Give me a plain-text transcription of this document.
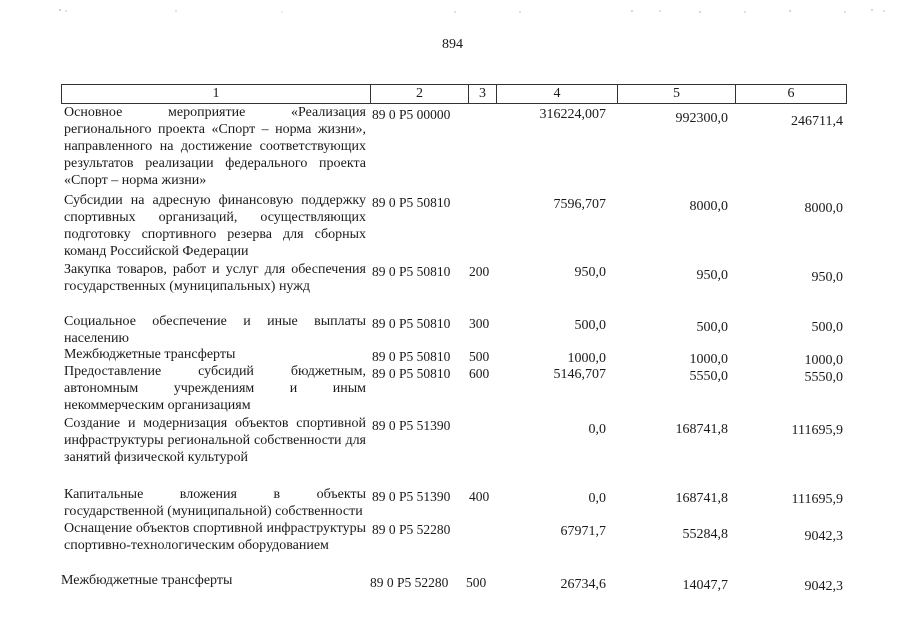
894
1	2	3	4	5	6
Основное мероприятие «Реализация регионального проекта «Спорт – норма жизни», направленного на достижение соответствующих результатов реализации федерального проекта «Спорт – норма жизни»
89 0 P5 00000	316224,007	992300,0	246711,4
Субсидии на адресную финансовую поддержку спортивных организаций, осуществляющих подготовку спортивного резерва для сборных команд Российской Федерации
89 0 P5 50810	7596,707	8000,0	8000,0
Закупка товаров, работ и услуг для обеспечения государственных (муниципальных) нужд
89 0 P5 50810 200	950,0	950,0	950,0
Социальное обеспечение и иные выплаты населению
89 0 P5 50810 300	500,0	500,0	500,0
Межбюджетные трансферты	89 0 P5 50810 500	1000,0	1000,0	1000,0
Предоставление субсидий бюджетным, автономным учреждениям и иным некоммерческим организациям
89 0 P5 50810 600	5146,707	5550,0	5550,0
Создание и модернизация объектов спортивной инфраструктуры региональной собственности для занятий физической культурой
89 0 P5 51390	0,0	168741,8	111695,9
Капитальные вложения в объекты государственной (муниципальной) собственности
89 0 P5 51390 400	0,0	168741,8	111695,9
Оснащение объектов спортивной инфраструктуры спортивно-технологическим оборудованием
89 0 P5 52280	67971,7	55284,8	9042,3
Межбюджетные трансферты	89 0 P5 52280 500	26734,6	14047,7	9042,3
